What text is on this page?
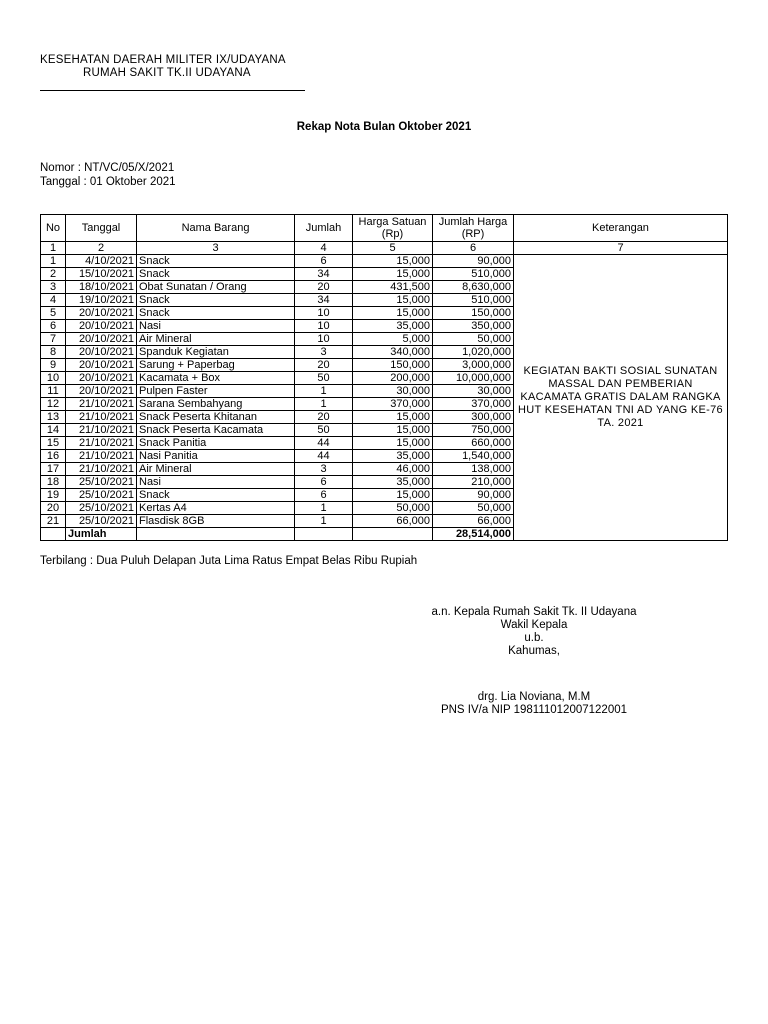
KESEHATAN DAERAH MILITER IX/UDAYANA
RUMAH SAKIT TK.II UDAYANA
Rekap Nota Bulan Oktober 2021
Nomor : NT/VC/05/X/2021
Tanggal : 01 Oktober 2021
No	Tanggal	Nama Barang	Jumlah	Harga Satuan (Rp)	Jumlah Harga (RP)	Keterangan
1	2	3	4	5	6	7
1	4/10/2021	Snack	6	15,000	90,000	KEGIATAN BAKTI SOSIAL SUNATAN MASSAL DAN PEMBERIAN KACAMATA GRATIS DALAM RANGKA HUT KESEHATAN TNI AD YANG KE-76 TA. 2021
2	15/10/2021	Snack	34	15,000	510,000	
3	18/10/2021	Obat Sunatan / Orang	20	431,500	8,630,000	
4	19/10/2021	Snack	34	15,000	510,000	
5	20/10/2021	Snack	10	15,000	150,000	
6	20/10/2021	Nasi	10	35,000	350,000	
7	20/10/2021	Air Mineral	10	5,000	50,000	
8	20/10/2021	Spanduk Kegiatan	3	340,000	1,020,000	
9	20/10/2021	Sarung + Paperbag	20	150,000	3,000,000	
10	20/10/2021	Kacamata + Box	50	200,000	10,000,000	
11	20/10/2021	Pulpen Faster	1	30,000	30,000	
12	21/10/2021	Sarana Sembahyang	1	370,000	370,000	
13	21/10/2021	Snack Peserta Khitanan	20	15,000	300,000	
14	21/10/2021	Snack Peserta Kacamata	50	15,000	750,000	
15	21/10/2021	Snack Panitia	44	15,000	660,000	
16	21/10/2021	Nasi Panitia	44	35,000	1,540,000	
17	21/10/2021	Air Mineral	3	46,000	138,000	
18	25/10/2021	Nasi	6	35,000	210,000	
19	25/10/2021	Snack	6	15,000	90,000	
20	25/10/2021	Kertas A4	1	50,000	50,000	
21	25/10/2021	Flasdisk 8GB	1	66,000	66,000	
	Jumlah				28,514,000	
Terbilang : Dua Puluh Delapan Juta Lima Ratus Empat Belas Ribu Rupiah
a.n. Kepala Rumah Sakit Tk. II Udayana
Wakil Kepala
u.b.
Kahumas,
drg. Lia Noviana, M.M
PNS IV/a NIP 198111012007122001
